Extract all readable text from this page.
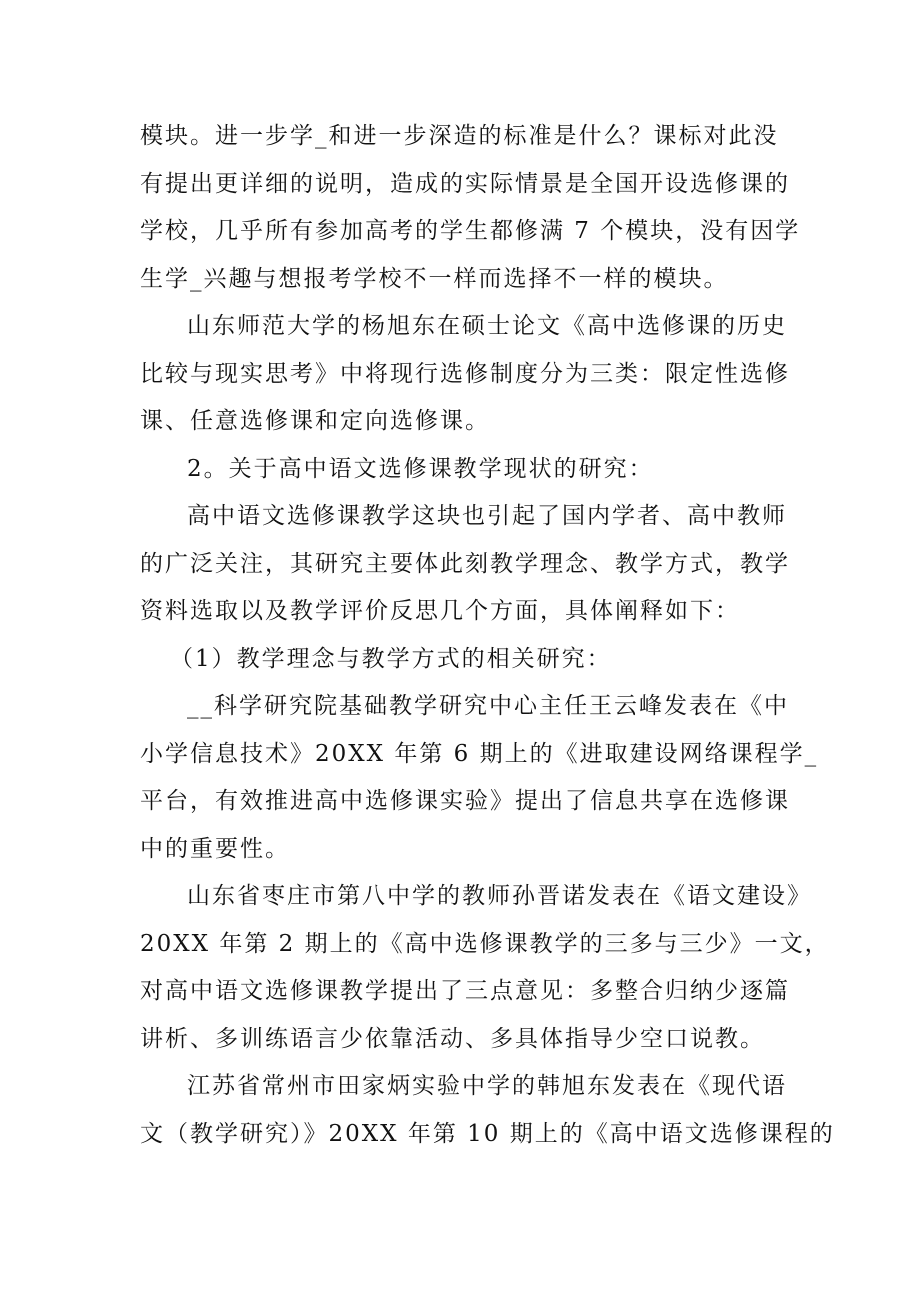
模块。进一步学_和进一步深造的标准是什么？课标对此没
有提出更详细的说明，造成的实际情景是全国开设选修课的
学校，几乎所有参加高考的学生都修满 7 个模块，没有因学
生学_兴趣与想报考学校不一样而选择不一样的模块。
山东师范大学的杨旭东在硕士论文《高中选修课的历史
比较与现实思考》中将现行选修制度分为三类：限定性选修
课、任意选修课和定向选修课。
2。关于高中语文选修课教学现状的研究：
高中语文选修课教学这块也引起了国内学者、高中教师
的广泛关注，其研究主要体此刻教学理念、教学方式，教学
资料选取以及教学评价反思几个方面，具体阐释如下：
（1）教学理念与教学方式的相关研究：
__科学研究院基础教学研究中心主任王云峰发表在《中
小学信息技术》20XX 年第 6 期上的《进取建设网络课程学_
平台，有效推进高中选修课实验》提出了信息共享在选修课
中的重要性。
山东省枣庄市第八中学的教师孙晋诺发表在《语文建设》
20XX 年第 2 期上的《高中选修课教学的三多与三少》一文，
对高中语文选修课教学提出了三点意见：多整合归纳少逐篇
讲析、多训练语言少依靠活动、多具体指导少空口说教。
江苏省常州市田家炳实验中学的韩旭东发表在《现代语
文（教学研究）》20XX 年第 10 期上的《高中语文选修课程的
